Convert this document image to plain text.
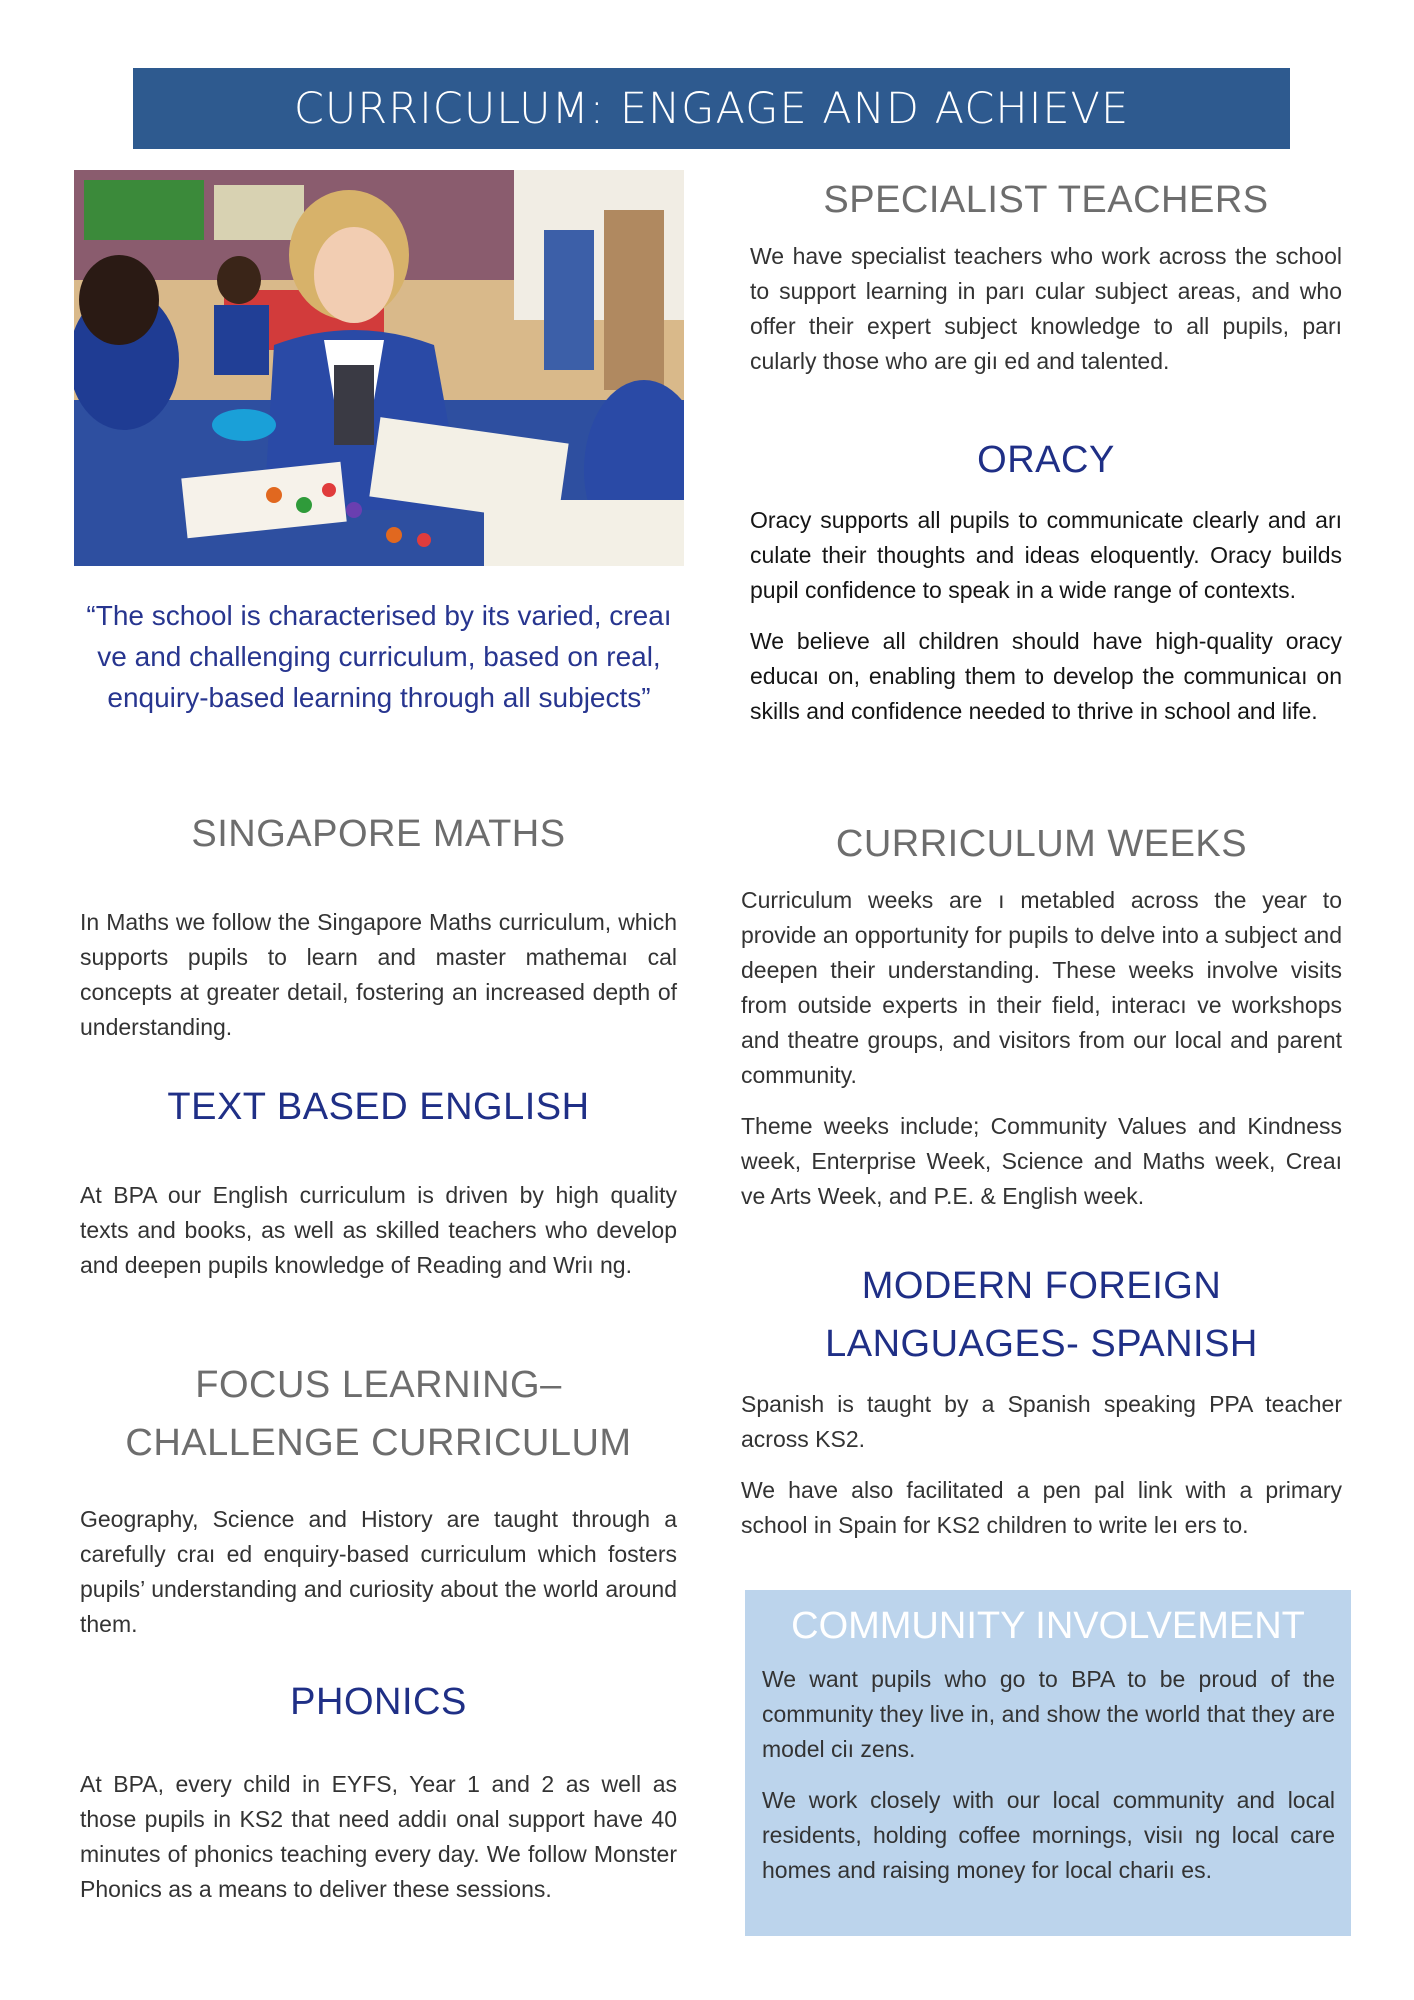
CURRICULUM: ENGAGE AND ACHIEVE
“The school is characterised by its varied, creaı ve and challenging curriculum, based on real, enquiry-based learning through all subjects”
SINGAPORE MATHS
In Maths we follow the Singapore Maths curriculum, which supports pupils to learn and master mathemaı cal concepts at greater detail, fostering an increased depth of understanding.
TEXT BASED ENGLISH
At BPA our English curriculum is driven by high quality texts and books, as well as skilled teachers who develop and deepen pupils knowledge of Reading and Wriı ng.
FOCUS LEARNING–
CHALLENGE CURRICULUM
Geography, Science and History are taught through a carefully craı ed enquiry-based curriculum which fosters pupils’ understanding and curiosity about the world around them.
PHONICS
At BPA, every child in EYFS, Year 1 and 2 as well as those pupils in KS2 that need addiı onal support have 40 minutes of phonics teaching every day. We follow Monster Phonics as a means to deliver these sessions.
SPECIALIST TEACHERS
We have specialist teachers who work across the school to support learning in parı cular subject areas, and who offer their expert subject knowledge to all pupils, parı cularly those who are giı ed and talented.
ORACY
Oracy supports all pupils to communicate clearly and arı culate their thoughts and ideas eloquently. Oracy builds pupil confidence to speak in a wide range of contexts.
We believe all children should have high-quality oracy educaı on, enabling them to develop the communicaı on skills and confidence needed to thrive in school and life.
CURRICULUM WEEKS
Curriculum weeks are ı metabled across the year to provide an opportunity for pupils to delve into a subject and deepen their understanding. These weeks involve visits from outside experts in their field, interacı ve workshops and theatre groups, and visitors from our local and parent community.
Theme weeks include; Community Values and Kindness week, Enterprise Week, Science and Maths week, Creaı ve Arts Week, and P.E. & English week.
MODERN FOREIGN
LANGUAGES- SPANISH
Spanish is taught by a Spanish speaking PPA teacher across KS2.
We have also facilitated a pen pal link with a primary school in Spain for KS2 children to write leı ers to.
COMMUNITY INVOLVEMENT
We want pupils who go to BPA to be proud of the community they live in, and show the world that they are model ciı zens.
We work closely with our local community and local residents, holding coffee mornings, visiı ng local care homes and raising money for local chariı es.
